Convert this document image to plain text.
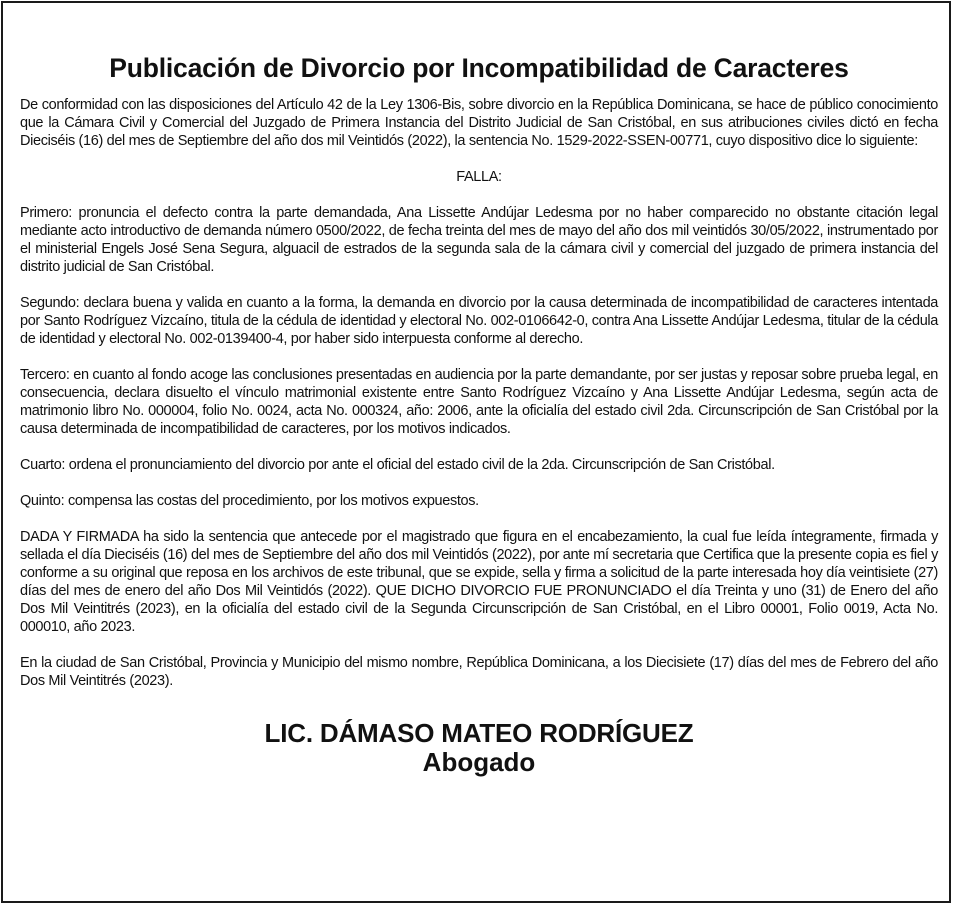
Publicación de Divorcio por Incompatibilidad de Caracteres

De conformidad con las disposiciones del Artículo 42 de la Ley 1306-Bis, sobre divorcio en la República Dominicana, se hace de público conocimiento que la Cámara Civil y Comercial del Juzgado de Primera Instancia del Distrito Judicial de San Cristóbal, en sus atribuciones civiles dictó en fecha Dieciséis (16) del mes de Septiembre del año dos mil Veintidós (2022), la sentencia No. 1529-2022-SSEN-00771, cuyo dispositivo dice lo siguiente:

FALLA:

Primero: pronuncia el defecto contra la parte demandada, Ana Lissette Andújar Ledesma por no haber comparecido no obstante citación legal mediante acto introductivo de demanda número 0500/2022, de fecha treinta del mes de mayo del año dos mil veintidós 30/05/2022, instrumentado por el ministerial Engels José Sena Segura, alguacil de estrados de la segunda sala de la cámara civil y comercial del juzgado de primera instancia del distrito judicial de San Cristóbal.

Segundo: declara buena y valida en cuanto a la forma, la demanda en divorcio por la causa determinada de incompatibilidad de caracteres intentada por Santo Rodríguez Vizcaíno, titula de la cédula de identidad y electoral No. 002-0106642-0, contra Ana Lissette Andújar Ledesma, titular de la cédula de identidad y electoral No. 002-0139400-4, por haber sido interpuesta conforme al derecho.

Tercero: en cuanto al fondo acoge las conclusiones presentadas en audiencia por la parte demandante, por ser justas y reposar sobre prueba legal, en consecuencia, declara disuelto el vínculo matrimonial existente entre Santo Rodríguez Vizcaíno y Ana Lissette Andújar Ledesma, según acta de matrimonio libro No. 000004, folio No. 0024, acta No. 000324, año: 2006, ante la oficialía del estado civil 2da. Circunscripción de San Cristóbal por la causa determinada de incompatibilidad de caracteres, por los motivos indicados.

Cuarto: ordena el pronunciamiento del divorcio por ante el oficial del estado civil de la 2da. Circunscripción de San Cristóbal.

Quinto: compensa las costas del procedimiento, por los motivos expuestos.

DADA Y FIRMADA ha sido la sentencia que antecede por el magistrado que figura en el encabezamiento, la cual fue leída íntegramente, firmada y sellada el día Dieciséis (16) del mes de Septiembre del año dos mil Veintidós (2022), por ante mí secretaria que Certifica que la presente copia es fiel y conforme a su original que reposa en los archivos de este tribunal, que se expide, sella y firma a solicitud de la parte interesada hoy día veintisiete (27) días del mes de enero del año Dos Mil Veintidós (2022). QUE DICHO DIVORCIO FUE PRONUNCIADO el día Treinta y uno (31) de Enero del año Dos Mil Veintitrés (2023), en la oficialía del estado civil de la Segunda Circunscripción de San Cristóbal, en el Libro 00001, Folio 0019, Acta No. 000010, año 2023.

En la ciudad de San Cristóbal, Provincia y Municipio del mismo nombre, República Dominicana, a los Diecisiete (17) días del mes de Febrero del año Dos Mil Veintitrés (2023).

LIC. DÁMASO MATEO RODRÍGUEZ
Abogado
